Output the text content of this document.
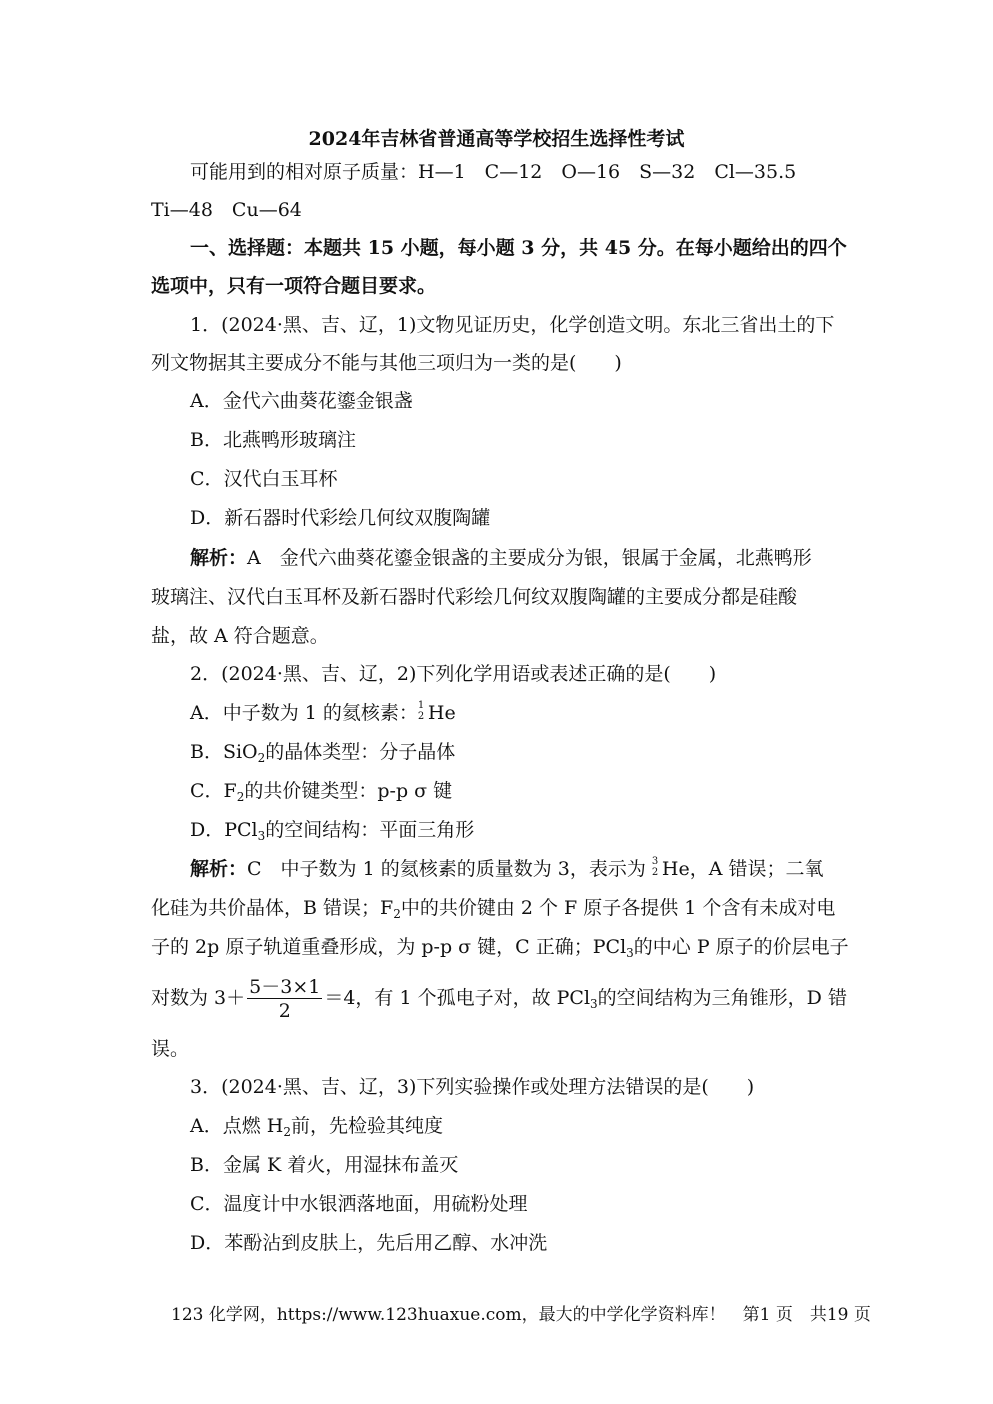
2024年吉林省普通高等学校招生选择性考试
可能用到的相对原子质量：H—1　C—12　O—16　S—32　Cl—35.5
Ti—48　Cu—64
一、选择题：本题共 15 小题，每小题 3 分，共 45 分。在每小题给出的四个
选项中，只有一项符合题目要求。
1．(2024·黑、吉、辽，1)文物见证历史，化学创造文明。东北三省出土的下
列文物据其主要成分不能与其他三项归为一类的是(　　)
A．金代六曲葵花鎏金银盏
B．北燕鸭形玻璃注
C．汉代白玉耳杯
D．新石器时代彩绘几何纹双腹陶罐
解析：A　金代六曲葵花鎏金银盏的主要成分为银，银属于金属，北燕鸭形
玻璃注、汉代白玉耳杯及新石器时代彩绘几何纹双腹陶罐的主要成分都是硅酸
盐，故 A 符合题意。
2．(2024·黑、吉、辽，2)下列化学用语或表述正确的是(　　)
A．中子数为 1 的氦核素： 1
2 He
B．SiO$_2$的晶体类型：分子晶体
C．$F_2$的共价键类型：p-p σ 键
D．PCl$_3$的空间结构：平面三角形
解析：C　中子数为 1 的氦核素的质量数为 3，表示为 3
2 He，A 错误；二氧
化硅为共价晶体，B 错误；$F_2$中的共价键由 2 个 F 原子各提供 1 个含有未成对电
子的 2p 原子轨道重叠形成，为 p-p σ 键，C 正确；PCl$_3$的中心 P 原子的价层电子
对数为 $3+ \frac{5-3\times 1}{2} =4$，有 1 个孤电子对，故 PCl$_3$的空间结构为三角锥形，D 错
误。
3．(2024·黑、吉、辽，3)下列实验操作或处理方法错误的是(　　)
A．点燃 $H_2$前，先检验其纯度
B．金属 K 着火，用湿抹布盖灭
C．温度计中水银洒落地面，用硫粉处理
D．苯酚沾到皮肤上，先后用乙醇、水冲洗
123 化学网，https://www.123huaxue.com，最大的中学化学资料库！　第1 页　共19 页
